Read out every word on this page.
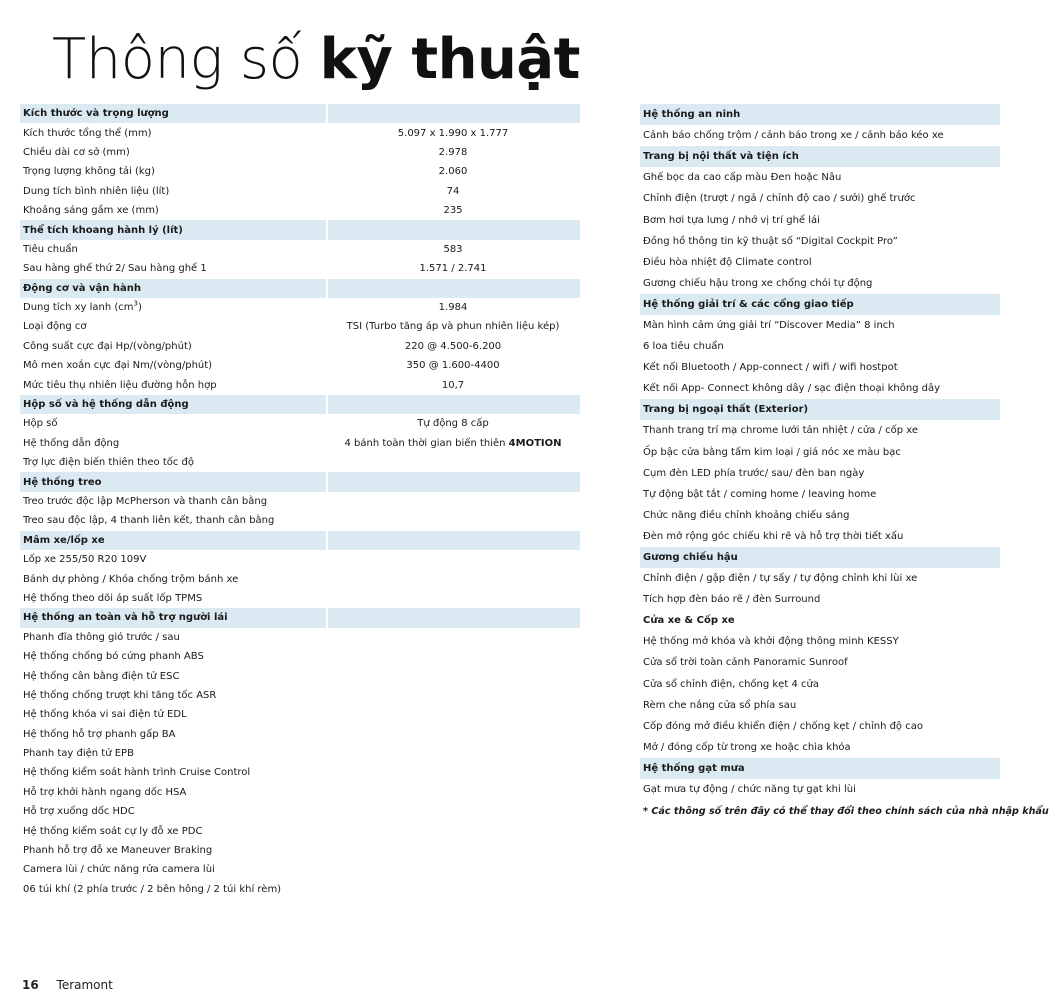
Thông số kỹ thuật
Kích thước và trọng lượng
Kích thước tổng thể (mm)	5.097 x 1.990 x 1.777
Chiều dài cơ sở (mm)	2.978
Trọng lượng không tải (kg)	2.060
Dung tích bình nhiên liệu (lít)	74
Khoảng sáng gầm xe (mm)	235
Thể tích khoang hành lý (lít)
Tiêu chuẩn	583
Sau hàng ghế thứ 2/ Sau hàng ghế 1	1.571 / 2.741
Động cơ và vận hành
Dung tích xy lanh $(cm^3)$	1.984
Loại động cơ	TSI (Turbo tăng áp và phun nhiên liệu kép)
Công suất cực đại Hp/(vòng/phút)	220 @ 4.500-6.200
Mô men xoắn cực đại Nm/(vòng/phút)	350 @ 1.600-4400
Mức tiêu thụ nhiên liệu đường hỗn hợp	10,7
Hộp số và hệ thống dẫn động
Hộp số	Tự động 8 cấp
Hệ thống dẫn động	4 bánh toàn thời gian biến thiên 4MOTION
Trợ lực điện biến thiên theo tốc độ
Hệ thống treo
Treo trước độc lập McPherson và thanh cân bằng
Treo sau độc lập, 4 thanh liên kết, thanh cân bằng
Mâm xe/lốp xe
Lốp xe 255/50 R20 109V
Bánh dự phòng / Khóa chống trộm bánh xe
Hệ thống theo dõi áp suất lốp TPMS
Hệ thống an toàn và hỗ trợ người lái
Phanh đĩa thông gió trước / sau
Hệ thống chống bó cứng phanh ABS
Hệ thống cân bằng điện tử ESC
Hệ thống chống trượt khi tăng tốc ASR
Hệ thống khóa vi sai điện tử EDL
Hệ thống hỗ trợ phanh gấp BA
Phanh tay điện tử EPB
Hệ thống kiểm soát hành trình Cruise Control
Hỗ trợ khởi hành ngang dốc HSA
Hỗ trợ xuống dốc HDC
Hệ thống kiểm soát cự ly đỗ xe PDC
Phanh hỗ trợ đỗ xe Maneuver Braking
Camera lùi / chức năng rửa camera lùi
06 túi khí (2 phía trước / 2 bên hông / 2 túi khí rèm)
Hệ thống an ninh
Cảnh báo chống trộm / cảnh báo trong xe / cảnh báo kéo xe
Trang bị nội thất và tiện ích
Ghế bọc da cao cấp màu Đen hoặc Nâu
Chỉnh điện (trượt / ngả / chỉnh độ cao / sưởi) ghế trước
Bơm hơi tựa lưng / nhớ vị trí ghế lái
Đồng hồ thông tin kỹ thuật số “Digital Cockpit Pro”
Điều hòa nhiệt độ Climate control
Gương chiếu hậu trong xe chống chói tự động
Hệ thống giải trí & các cổng giao tiếp
Màn hình cảm ứng giải trí “Discover Media” 8 inch
6 loa tiêu chuẩn
Kết nối Bluetooth / App-connect / wifi / wifi hostpot
Kết nối App- Connect không dây / sạc điện thoại không dây
Trang bị ngoại thất (Exterior)
Thanh trang trí mạ chrome lưới tản nhiệt / cửa / cốp xe
Ốp bậc cửa bằng tấm kim loại / giá nóc xe màu bạc
Cụm đèn LED phía trước/ sau/ đèn ban ngày
Tự động bật tắt / coming home / leaving home
Chức năng điều chỉnh khoảng chiếu sáng
Đèn mở rộng góc chiếu khi rẽ và hỗ trợ thời tiết xấu
Gương chiếu hậu
Chỉnh điện / gập điện / tự sấy / tự động chỉnh khi lùi xe
Tích hợp đèn báo rẽ / đèn Surround
Cửa xe & Cốp xe
Hệ thống mở khóa và khởi động thông minh KESSY
Cửa sổ trời toàn cảnh Panoramic Sunroof
Cửa sổ chỉnh điện, chống kẹt 4 cửa
Rèm che nắng cửa sổ phía sau
Cốp đóng mở điều khiển điện / chống kẹt / chỉnh độ cao
Mở / đóng cốp từ trong xe hoặc chìa khóa
Hệ thống gạt mưa
Gạt mưa tự động / chức năng tự gạt khi lùi
* Các thông số trên đây có thể thay đổi theo chính sách của nhà nhập khẩu
16 Teramont
